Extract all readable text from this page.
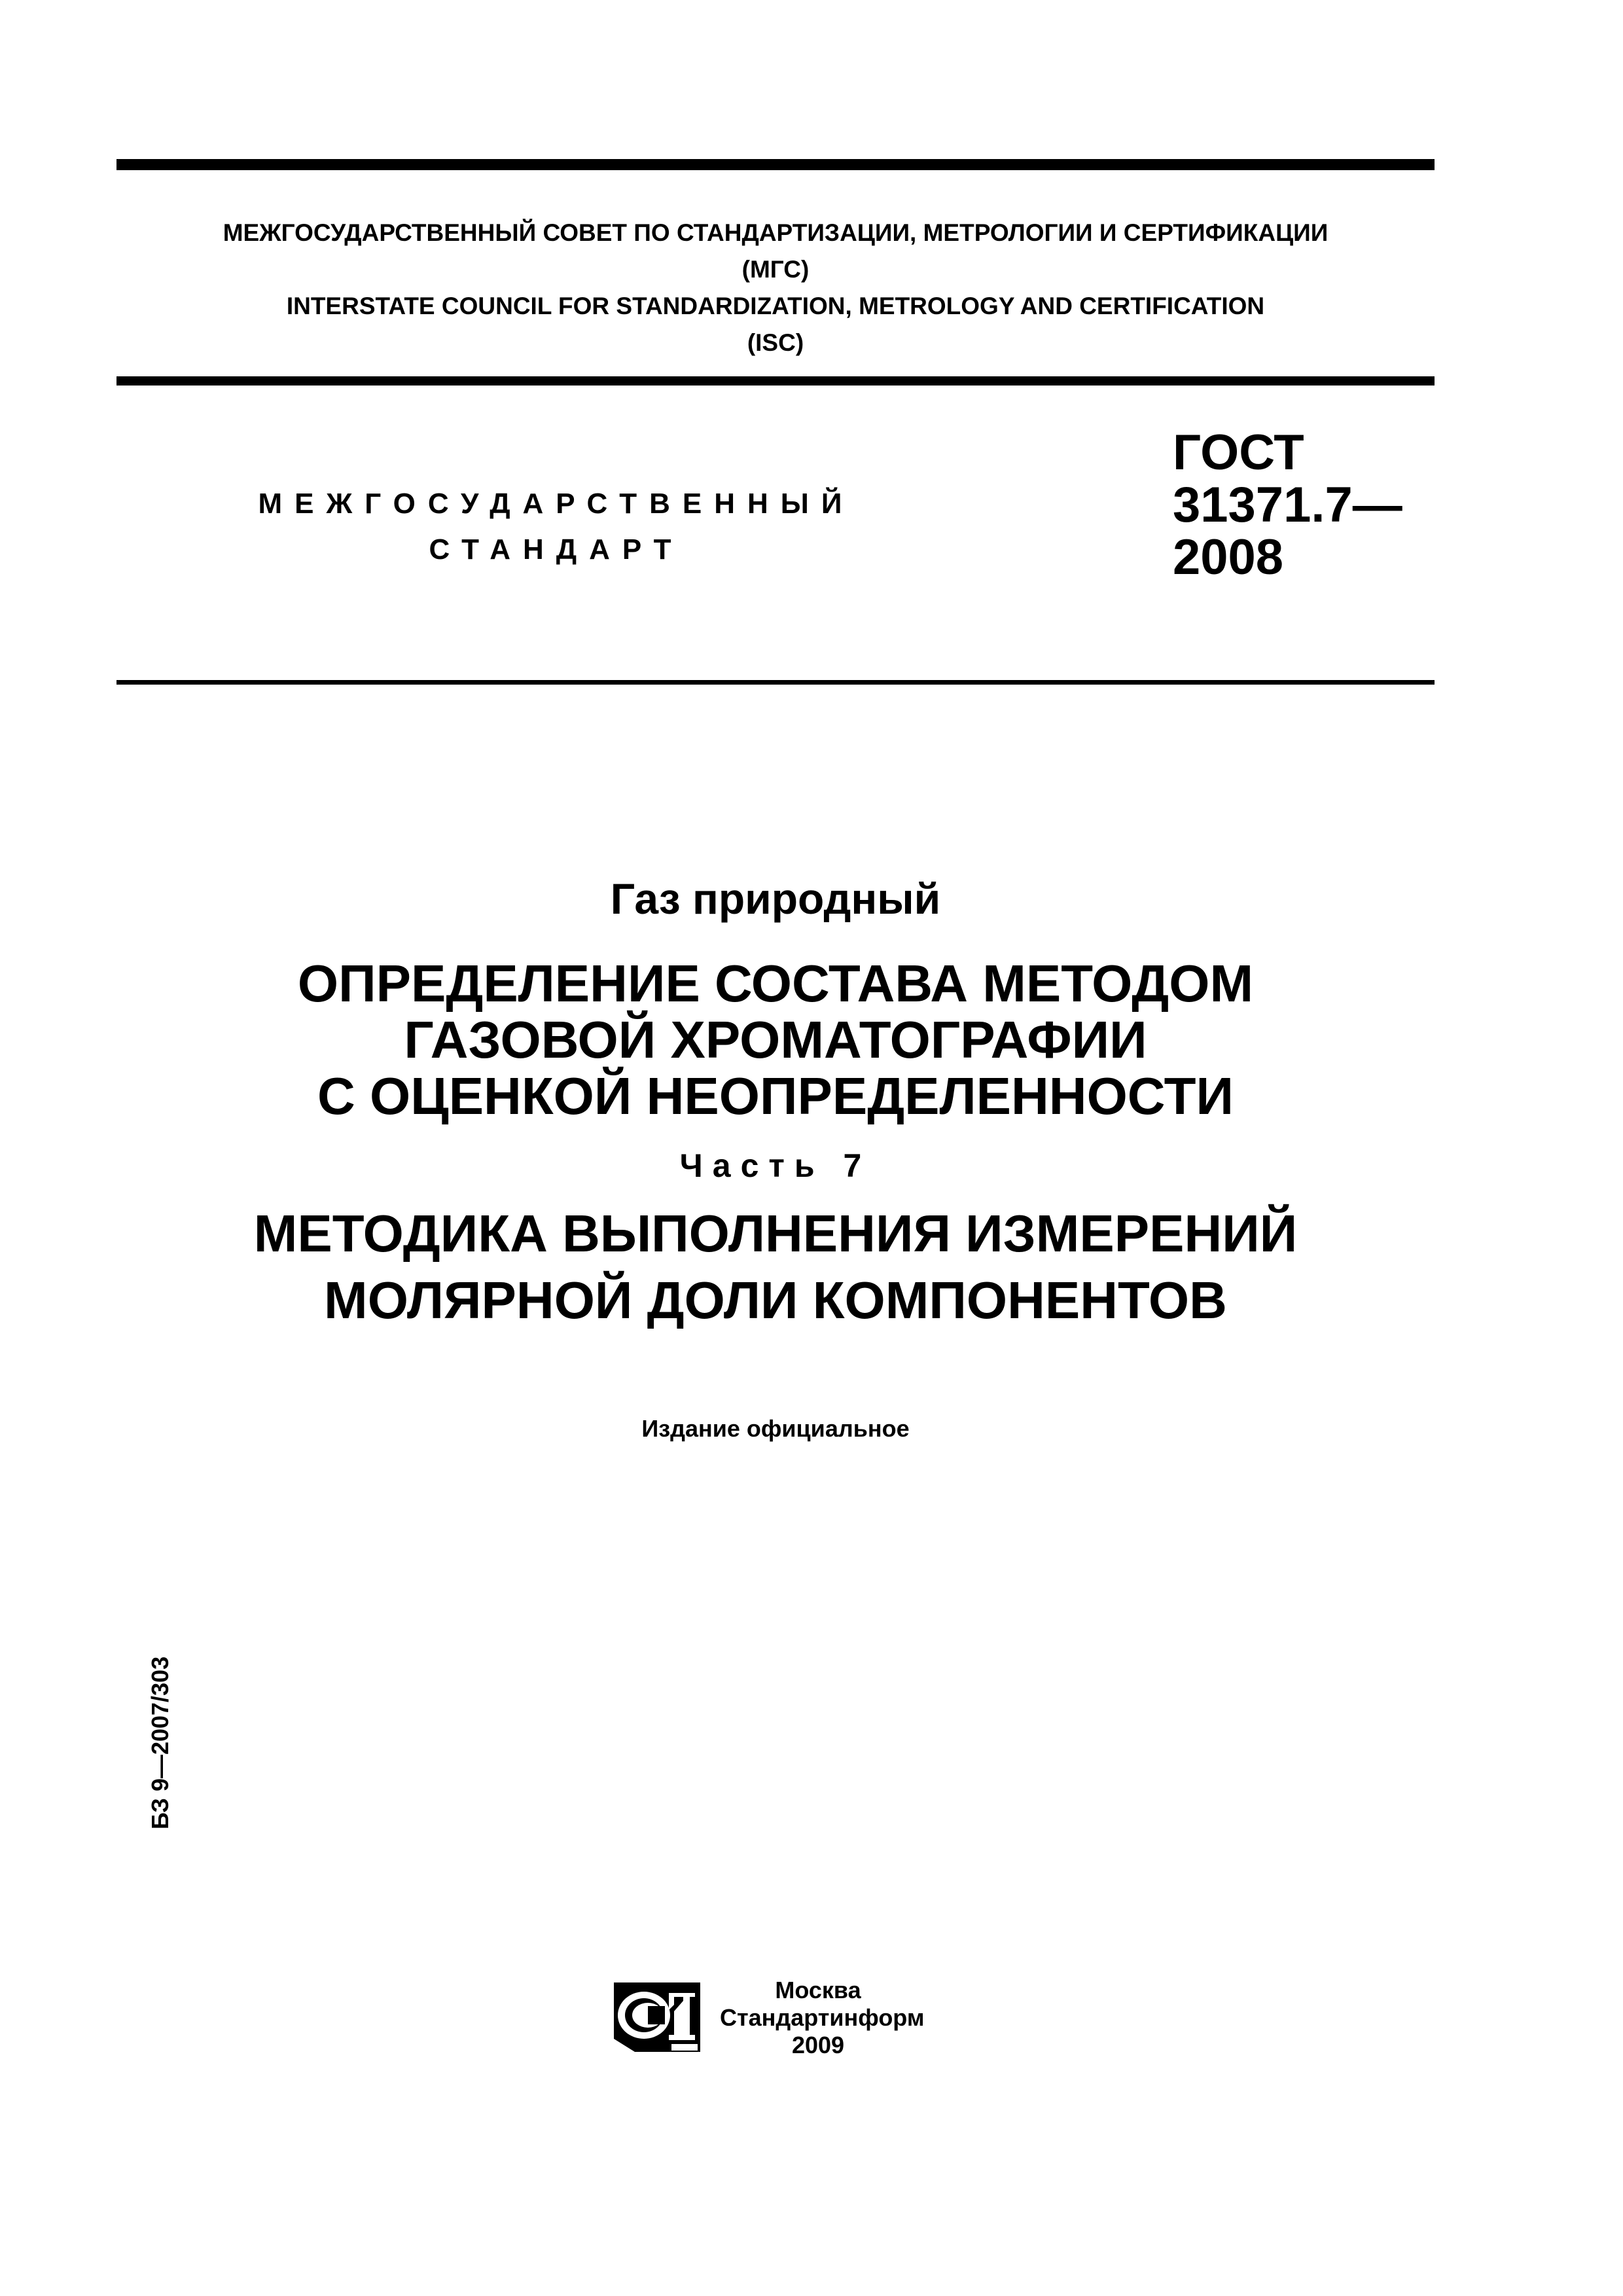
МЕЖГОСУДАРСТВЕННЫЙ СОВЕТ ПО СТАНДАРТИЗАЦИИ, МЕТРОЛОГИИ И СЕРТИФИКАЦИИ
(МГС)
INTERSTATE COUNCIL FOR STANDARDIZATION, METROLOGY AND CERTIFICATION
(ISC)
МЕЖГОСУДАРСТВЕННЫЙ
СТАНДАРТ
ГОСТ
31371.7—
2008
Газ природный
ОПРЕДЕЛЕНИЕ СОСТАВА МЕТОДОМ
ГАЗОВОЙ ХРОМАТОГРАФИИ
С ОЦЕНКОЙ НЕОПРЕДЕЛЕННОСТИ
Часть 7
МЕТОДИКА ВЫПОЛНЕНИЯ ИЗМЕРЕНИЙ
МОЛЯРНОЙ ДОЛИ КОМПОНЕНТОВ
Издание официальное
БЗ 9—2007/303
Москва
Стандартинформ
2009
